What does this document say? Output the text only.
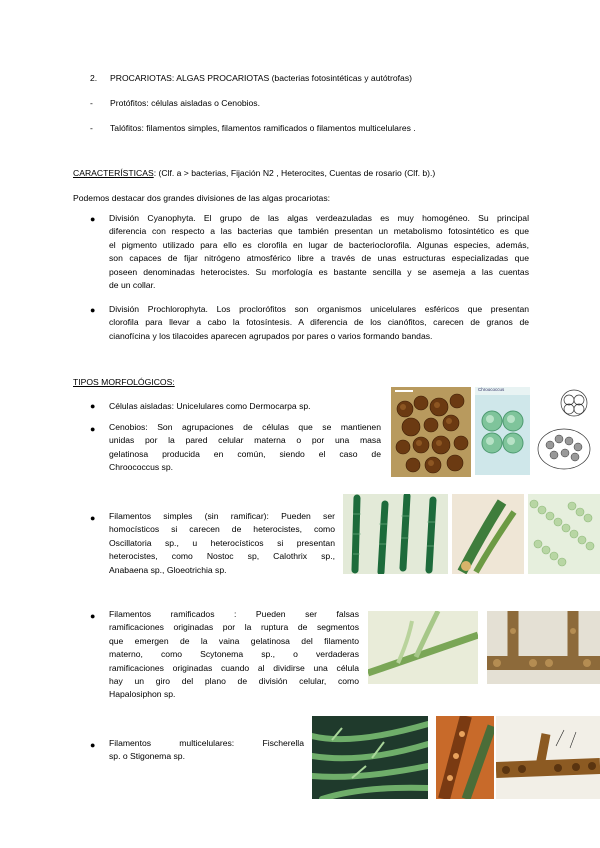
2. PROCARIOTAS: ALGAS PROCARIOTAS (bacterias fotosintéticas y autótrofas)
- Protófitos: células aisladas o Cenobios.
- Talófitos: filamentos simples, filamentos ramificados o filamentos multicelulares .
CARACTERÍSTICAS: (Clf. a > bacterias, Fijación N2 , Heterocites, Cuentas de rosario (Clf. b).)
Podemos destacar dos grandes divisiones de las algas procariotas:
● División Cyanophyta. El grupo de las algas verdeazuladas es muy homogéneo. Su principal
diferencia con respecto a las bacterias que también presentan un metabolismo fotosintético es que
el pigmento utilizado para ello es clorofila en lugar de bacterioclorofila. Algunas especies, además,
son capaces de fijar nitrógeno atmosférico libre a través de unas estructuras especializadas que
poseen denominadas heterocistes. Su morfología es bastante sencilla y se asemeja a las cuentas
de un collar.
● División Prochlorophyta. Los proclorófitos son organismos unicelulares esféricos que presentan
clorofila para llevar a cabo la fotosíntesis. A diferencia de los cianófitos, carecen de granos de
cianofícina y los tilacoides aparecen agrupados por pares o varios formando bandas.
TIPOS MORFOLÓGICOS:
● Células aisladas: Unicelulares como Dermocarpa sp.
● Cenobios: Son agrupaciones de células que se mantienen
unidas por la pared celular materna o por una masa
gelatinosa producida en común, siendo el caso de
Chroococcus sp.
● Filamentos simples (sin ramificar): Pueden ser
homocísticos si carecen de heterocistes, como
Oscillatoria sp., u heterocísticos si presentan
heterocistes, como Nostoc sp, Calothrix sp.,
Anabaena sp., Gloeotrichia sp.
● Filamentos ramificados : Pueden ser falsas
ramificaciones originadas por la ruptura de segmentos
que emergen de la vaina gelatinosa del filamento
materno, como Scytonema sp., o verdaderas
ramificaciones originadas cuando al dividirse una célula
hay un giro del plano de división celular, como
Hapalosiphon sp.
● Filamentos multicelulares: Fischerella
sp. o Stigonema sp.
Chroococcus
